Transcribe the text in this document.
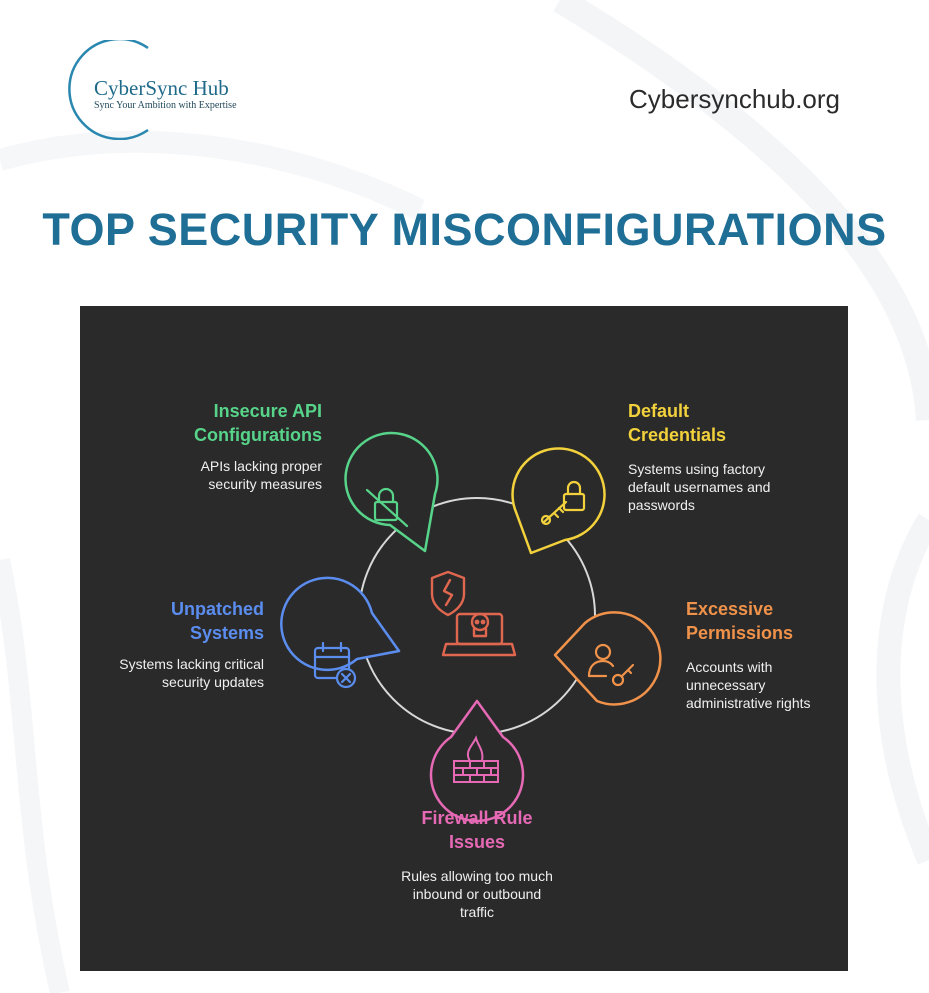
CyberSync Hub
Sync Your Ambition with Expertise	Cybersynchub.org
TOP SECURITY MISCONFIGURATIONS
Insecure API
Configurations
APIs lacking proper
security measures
Default
Credentials
Systems using factory
default usernames and
passwords
Excessive
Permissions
Accounts with
unnecessary
administrative rights
Unpatched
Systems
Systems lacking critical
security updates
Firewall Rule
Issues
Rules allowing too much
inbound or outbound
traffic
